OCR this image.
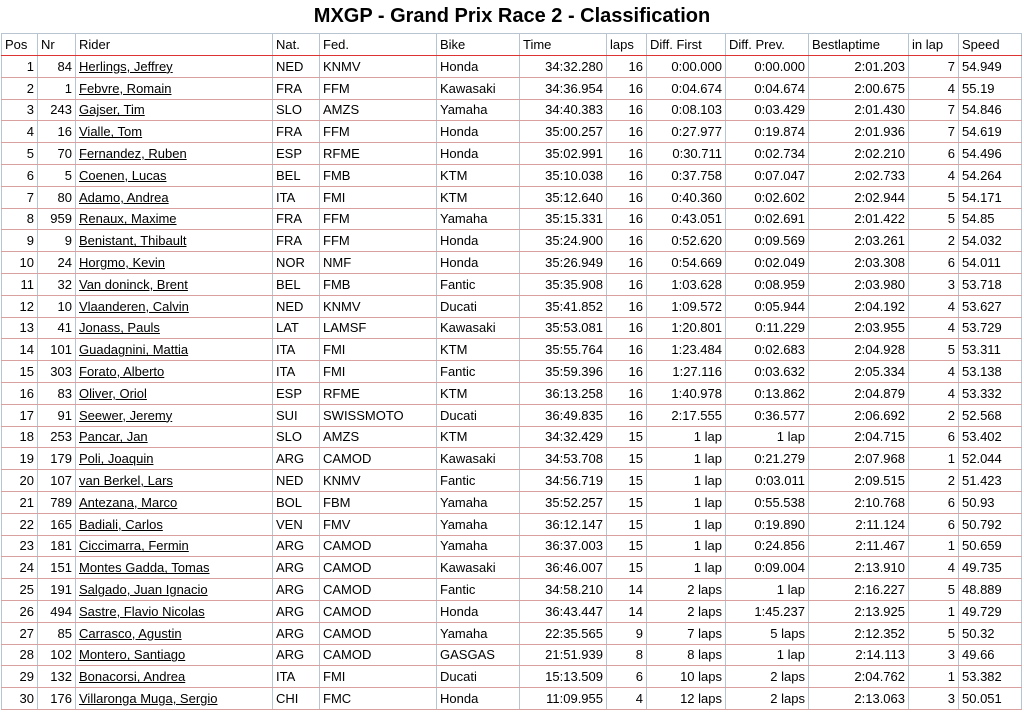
MXGP - Grand Prix Race 2 - Classification
Pos	Nr	Rider	Nat.	Fed.	Bike	Time	laps	Diff. First	Diff. Prev.	Bestlaptime	in lap	Speed
1	84	Herlings, Jeffrey	NED	KNMV	Honda	34:32.280	16	0:00.000	0:00.000	2:01.203	7	54.949
2	1	Febvre, Romain	FRA	FFM	Kawasaki	34:36.954	16	0:04.674	0:04.674	2:00.675	4	55.19
3	243	Gajser, Tim	SLO	AMZS	Yamaha	34:40.383	16	0:08.103	0:03.429	2:01.430	7	54.846
4	16	Vialle, Tom	FRA	FFM	Honda	35:00.257	16	0:27.977	0:19.874	2:01.936	7	54.619
5	70	Fernandez, Ruben	ESP	RFME	Honda	35:02.991	16	0:30.711	0:02.734	2:02.210	6	54.496
6	5	Coenen, Lucas	BEL	FMB	KTM	35:10.038	16	0:37.758	0:07.047	2:02.733	4	54.264
7	80	Adamo, Andrea	ITA	FMI	KTM	35:12.640	16	0:40.360	0:02.602	2:02.944	5	54.171
8	959	Renaux, Maxime	FRA	FFM	Yamaha	35:15.331	16	0:43.051	0:02.691	2:01.422	5	54.85
9	9	Benistant, Thibault	FRA	FFM	Honda	35:24.900	16	0:52.620	0:09.569	2:03.261	2	54.032
10	24	Horgmo, Kevin	NOR	NMF	Honda	35:26.949	16	0:54.669	0:02.049	2:03.308	6	54.011
11	32	Van doninck, Brent	BEL	FMB	Fantic	35:35.908	16	1:03.628	0:08.959	2:03.980	3	53.718
12	10	Vlaanderen, Calvin	NED	KNMV	Ducati	35:41.852	16	1:09.572	0:05.944	2:04.192	4	53.627
13	41	Jonass, Pauls	LAT	LAMSF	Kawasaki	35:53.081	16	1:20.801	0:11.229	2:03.955	4	53.729
14	101	Guadagnini, Mattia	ITA	FMI	KTM	35:55.764	16	1:23.484	0:02.683	2:04.928	5	53.311
15	303	Forato, Alberto	ITA	FMI	Fantic	35:59.396	16	1:27.116	0:03.632	2:05.334	4	53.138
16	83	Oliver, Oriol	ESP	RFME	KTM	36:13.258	16	1:40.978	0:13.862	2:04.879	4	53.332
17	91	Seewer, Jeremy	SUI	SWISSMOTO	Ducati	36:49.835	16	2:17.555	0:36.577	2:06.692	2	52.568
18	253	Pancar, Jan	SLO	AMZS	KTM	34:32.429	15	1 lap	1 lap	2:04.715	6	53.402
19	179	Poli, Joaquin	ARG	CAMOD	Kawasaki	34:53.708	15	1 lap	0:21.279	2:07.968	1	52.044
20	107	van Berkel, Lars	NED	KNMV	Fantic	34:56.719	15	1 lap	0:03.011	2:09.515	2	51.423
21	789	Antezana, Marco	BOL	FBM	Yamaha	35:52.257	15	1 lap	0:55.538	2:10.768	6	50.93
22	165	Badiali, Carlos	VEN	FMV	Yamaha	36:12.147	15	1 lap	0:19.890	2:11.124	6	50.792
23	181	Ciccimarra, Fermin	ARG	CAMOD	Yamaha	36:37.003	15	1 lap	0:24.856	2:11.467	1	50.659
24	151	Montes Gadda, Tomas	ARG	CAMOD	Kawasaki	36:46.007	15	1 lap	0:09.004	2:13.910	4	49.735
25	191	Salgado, Juan Ignacio	ARG	CAMOD	Fantic	34:58.210	14	2 laps	1 lap	2:16.227	5	48.889
26	494	Sastre, Flavio Nicolas	ARG	CAMOD	Honda	36:43.447	14	2 laps	1:45.237	2:13.925	1	49.729
27	85	Carrasco, Agustin	ARG	CAMOD	Yamaha	22:35.565	9	7 laps	5 laps	2:12.352	5	50.32
28	102	Montero, Santiago	ARG	CAMOD	GASGAS	21:51.939	8	8 laps	1 lap	2:14.113	3	49.66
29	132	Bonacorsi, Andrea	ITA	FMI	Ducati	15:13.509	6	10 laps	2 laps	2:04.762	1	53.382
30	176	Villaronga Muga, Sergio	CHI	FMC	Honda	11:09.955	4	12 laps	2 laps	2:13.063	3	50.051
